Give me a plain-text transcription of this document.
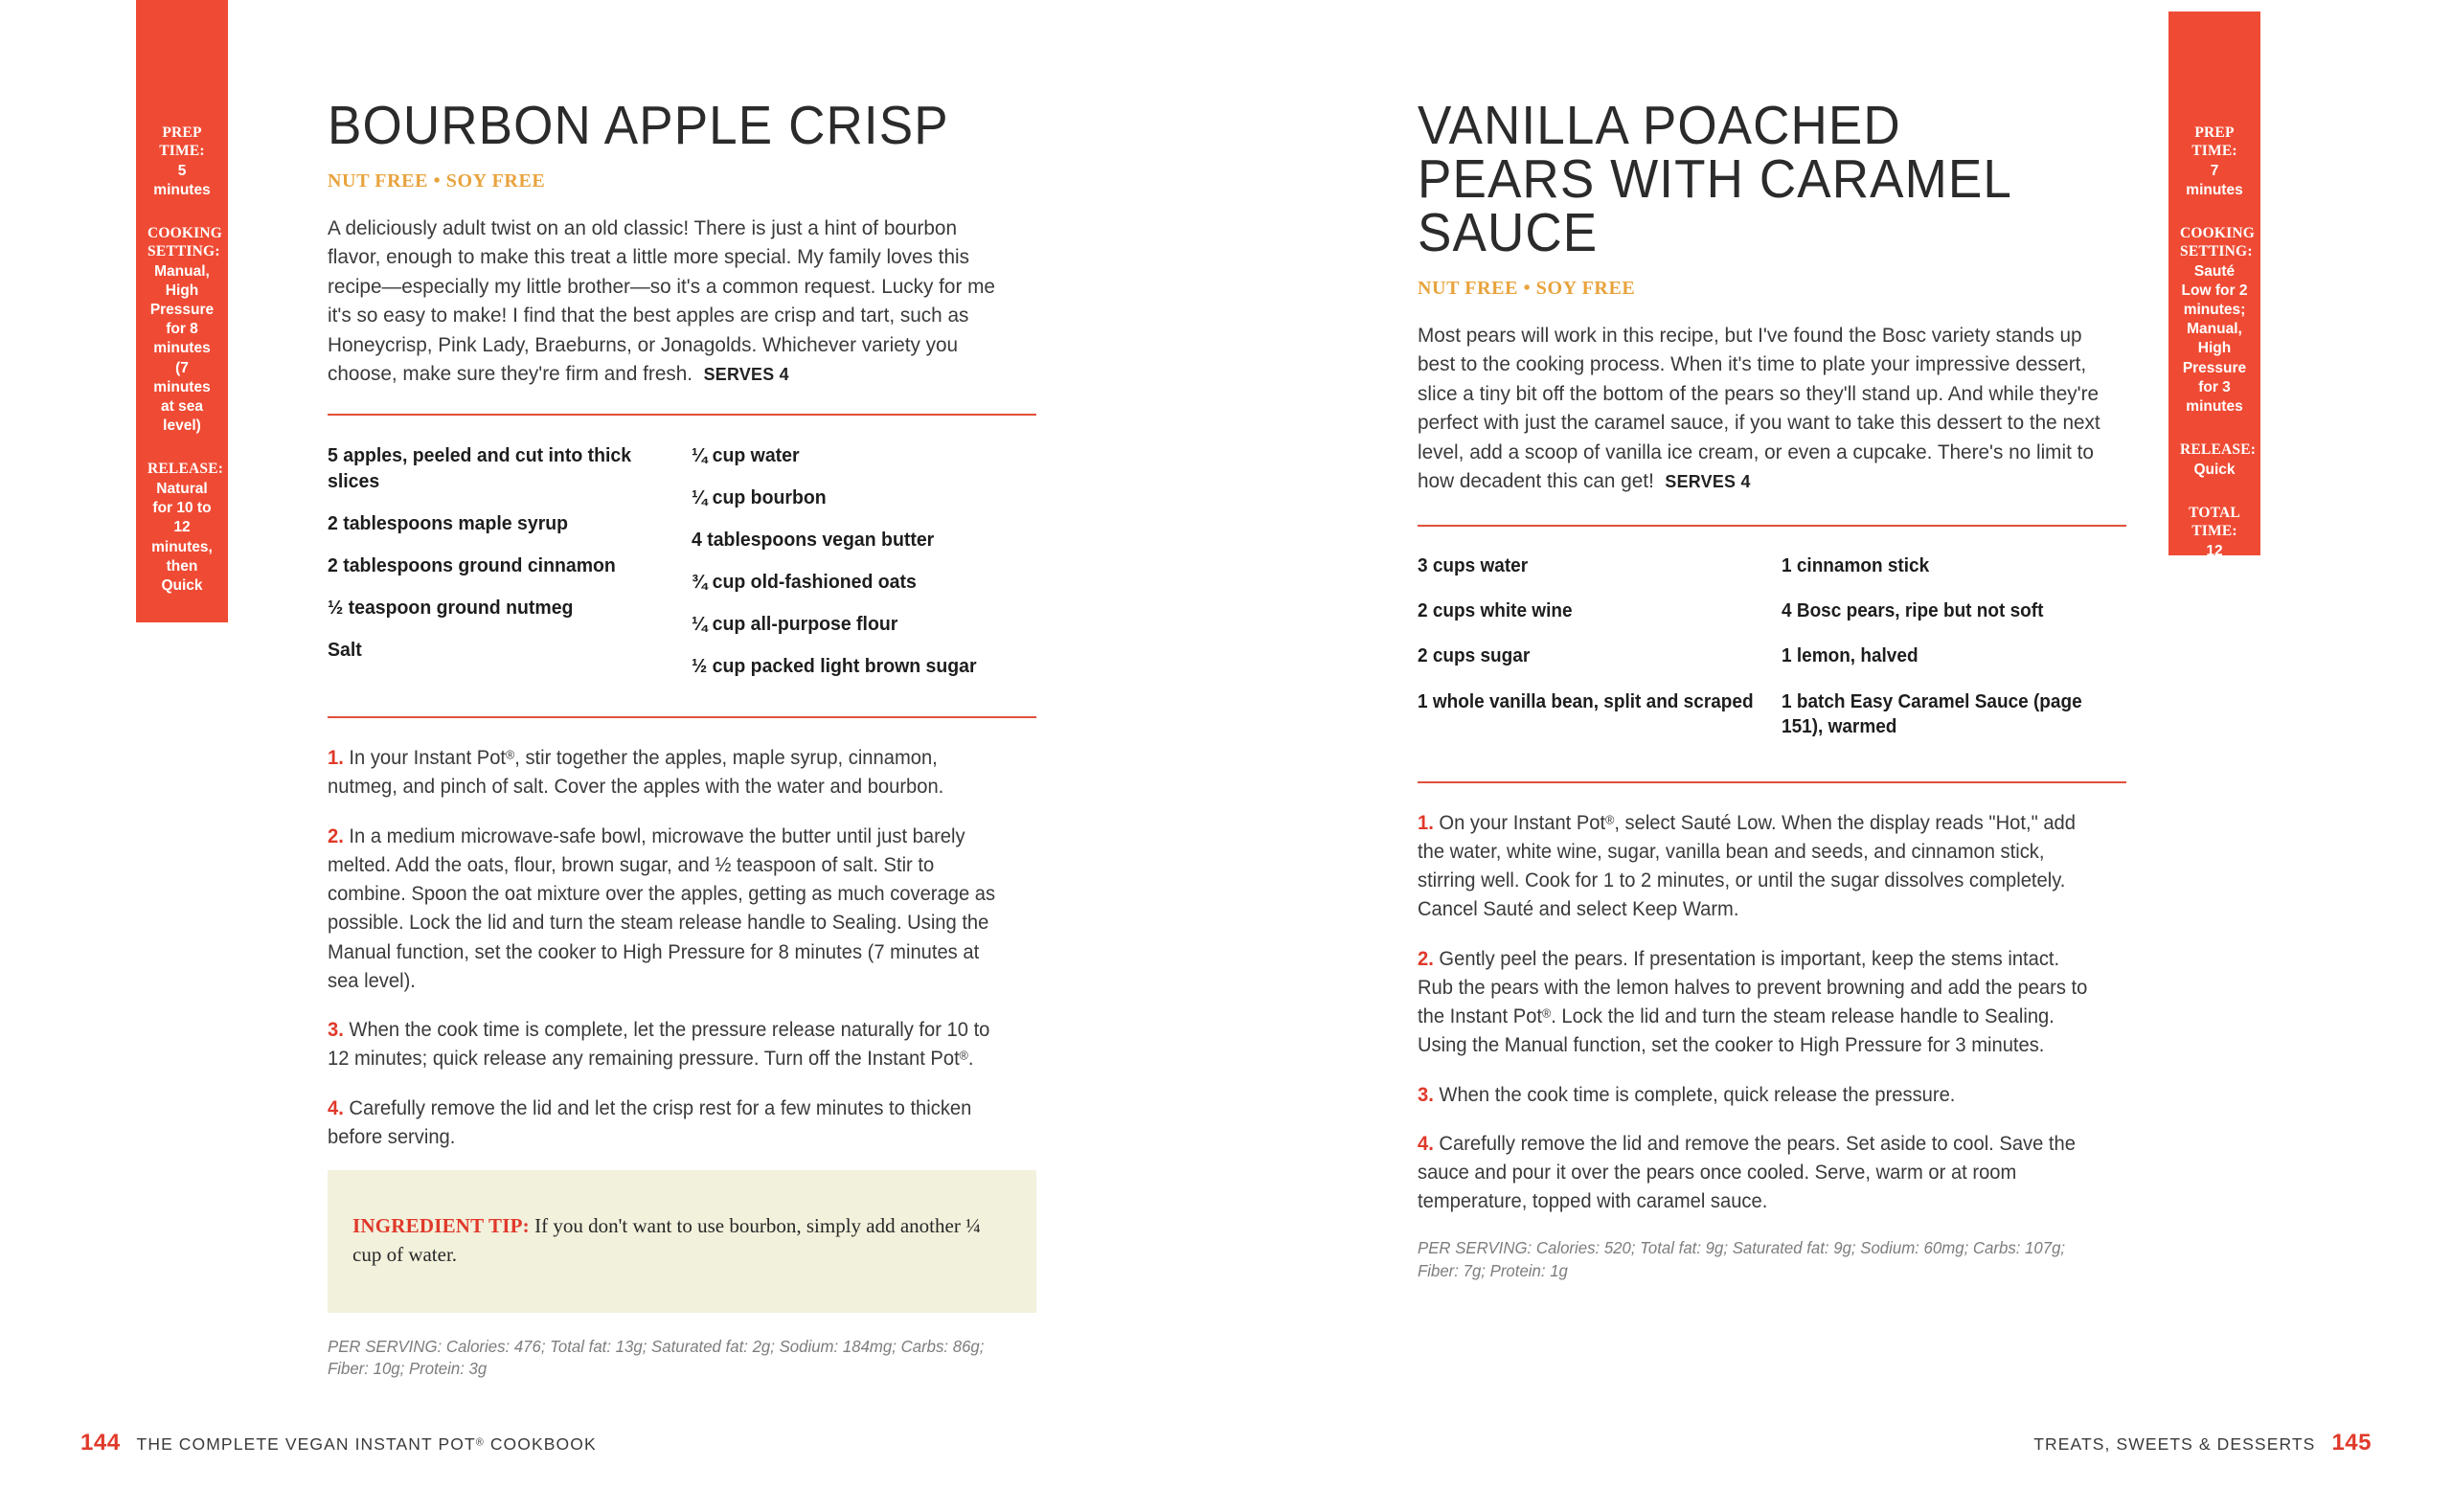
PREP TIME:
5 minutes
COOKING SETTING:
Manual, High Pressure for 8 minutes (7 minutes at sea level)
RELEASE:
Natural for 10 to 12 minutes, then Quick
TOTAL TIME:
25 minutes
BOURBON APPLE CRISP
NUT FREE • SOY FREE

A deliciously adult twist on an old classic! There is just a hint of bourbon flavor, enough to make this treat a little more special. My family loves this recipe—especially my little brother—so it's a common request. Lucky for me it's so easy to make! I find that the best apples are crisp and tart, such as Honeycrisp, Pink Lady, Braeburns, or Jonagolds. Whichever variety you choose, make sure they're firm and fresh. SERVES 4

5 apples, peeled and cut into thick slices
2 tablespoons maple syrup
2 tablespoons ground cinnamon
½ teaspoon ground nutmeg
Salt
¼ cup water
¼ cup bourbon
4 tablespoons vegan butter
¾ cup old-fashioned oats
¼ cup all-purpose flour
½ cup packed light brown sugar

1. In your Instant Pot®, stir together the apples, maple syrup, cinnamon, nutmeg, and pinch of salt. Cover the apples with the water and bourbon.

2. In a medium microwave-safe bowl, microwave the butter until just barely melted. Add the oats, flour, brown sugar, and ½ teaspoon of salt. Stir to combine. Spoon the oat mixture over the apples, getting as much coverage as possible. Lock the lid and turn the steam release handle to Sealing. Using the Manual function, set the cooker to High Pressure for 8 minutes (7 minutes at sea level).

3. When the cook time is complete, let the pressure release naturally for 10 to 12 minutes; quick release any remaining pressure. Turn off the Instant Pot®.

4. Carefully remove the lid and let the crisp rest for a few minutes to thicken before serving.

INGREDIENT TIP: If you don't want to use bourbon, simply add another ¼ cup of water.

PER SERVING: Calories: 476; Total fat: 13g; Saturated fat: 2g; Sodium: 184mg; Carbs: 86g; Fiber: 10g; Protein: 3g

144 THE COMPLETE VEGAN INSTANT POT® COOKBOOK
VANILLA POACHED PEARS WITH CARAMEL SAUCE
NUT FREE • SOY FREE

Most pears will work in this recipe, but I've found the Bosc variety stands up best to the cooking process. When it's time to plate your impressive dessert, slice a tiny bit off the bottom of the pears so they'll stand up. And while they're perfect with just the caramel sauce, if you want to take this dessert to the next level, add a scoop of vanilla ice cream, or even a cupcake. There's no limit to how decadent this can get! SERVES 4

3 cups water
2 cups white wine
2 cups sugar
1 whole vanilla bean, split and scraped
1 cinnamon stick
4 Bosc pears, ripe but not soft
1 lemon, halved
1 batch Easy Caramel Sauce (page 151), warmed

1. On your Instant Pot®, select Sauté Low. When the display reads "Hot," add the water, white wine, sugar, vanilla bean and seeds, and cinnamon stick, stirring well. Cook for 1 to 2 minutes, or until the sugar dissolves completely. Cancel Sauté and select Keep Warm.

2. Gently peel the pears. If presentation is important, keep the stems intact. Rub the pears with the lemon halves to prevent browning and add the pears to the Instant Pot®. Lock the lid and turn the steam release handle to Sealing. Using the Manual function, set the cooker to High Pressure for 3 minutes.

3. When the cook time is complete, quick release the pressure.

4. Carefully remove the lid and remove the pears. Set aside to cool. Save the sauce and pour it over the pears once cooled. Serve, warm or at room temperature, topped with caramel sauce.

PER SERVING: Calories: 520; Total fat: 9g; Saturated fat: 9g; Sodium: 60mg; Carbs: 107g; Fiber: 7g; Protein: 1g

TREATS, SWEETS & DESSERTS 145
PREP TIME:
7 minutes
COOKING SETTING:
Sauté Low for 2 minutes; Manual, High Pressure for 3 minutes
RELEASE:
Quick
TOTAL TIME:
12 minutes
